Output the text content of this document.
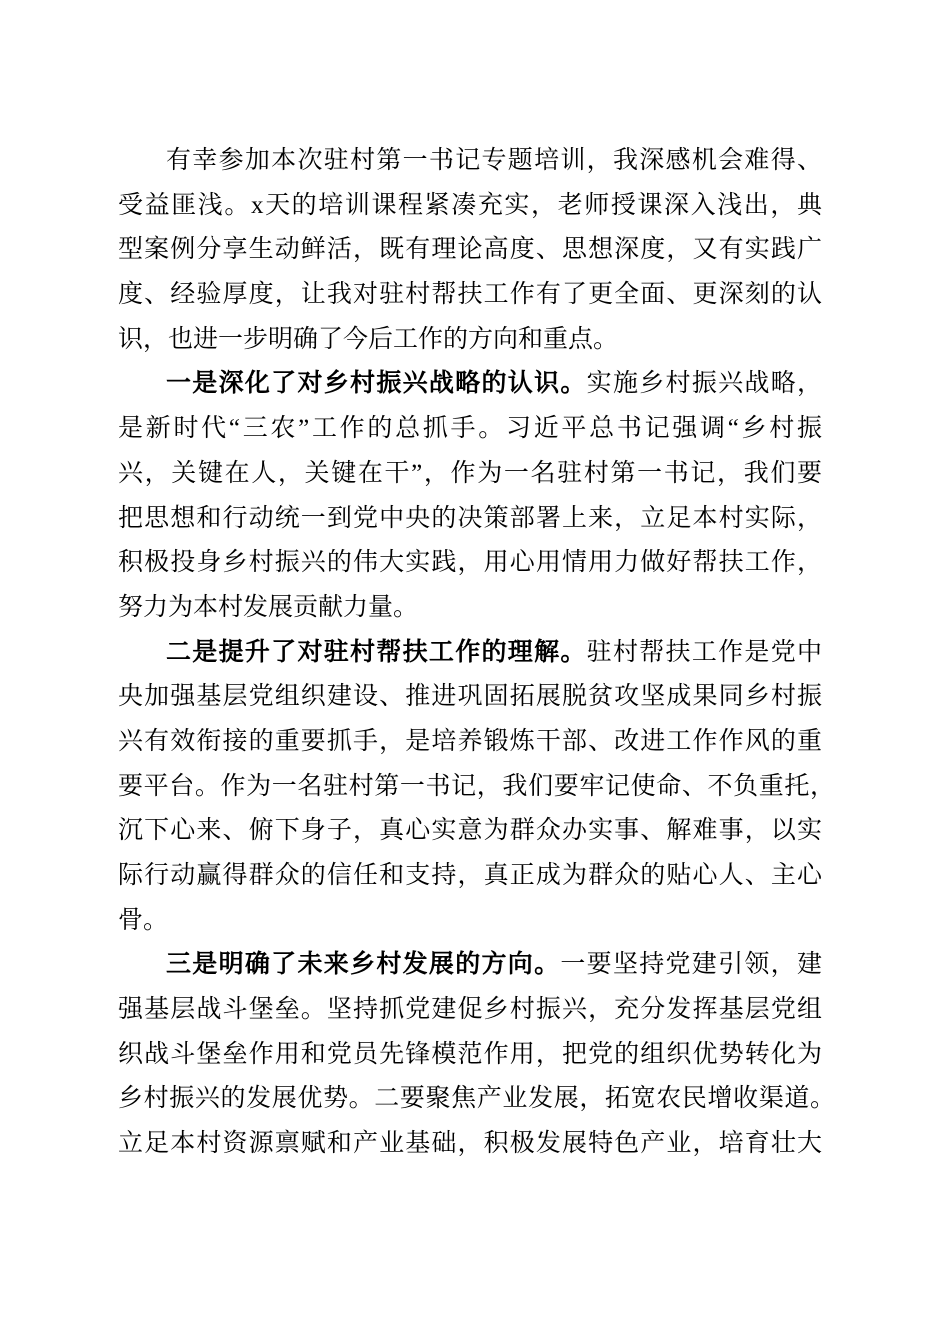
有幸参加本次驻村第一书记专题培训，我深感机会难得、
受益匪浅。x天的培训课程紧凑充实，老师授课深入浅出，典
型案例分享生动鲜活，既有理论高度、思想深度，又有实践广
度、经验厚度，让我对驻村帮扶工作有了更全面、更深刻的认
识，也进一步明确了今后工作的方向和重点。
一是深化了对乡村振兴战略的认识。实施乡村振兴战略，
是新时代“三农”工作的总抓手。习近平总书记强调“乡村振
兴，关键在人，关键在干”，作为一名驻村第一书记，我们要
把思想和行动统一到党中央的决策部署上来，立足本村实际，
积极投身乡村振兴的伟大实践，用心用情用力做好帮扶工作，
努力为本村发展贡献力量。
二是提升了对驻村帮扶工作的理解。驻村帮扶工作是党中
央加强基层党组织建设、推进巩固拓展脱贫攻坚成果同乡村振
兴有效衔接的重要抓手，是培养锻炼干部、改进工作作风的重
要平台。作为一名驻村第一书记，我们要牢记使命、不负重托，
沉下心来、俯下身子，真心实意为群众办实事、解难事，以实
际行动赢得群众的信任和支持，真正成为群众的贴心人、主心
骨。
三是明确了未来乡村发展的方向。一要坚持党建引领，建
强基层战斗堡垒。坚持抓党建促乡村振兴，充分发挥基层党组
织战斗堡垒作用和党员先锋模范作用，把党的组织优势转化为
乡村振兴的发展优势。二要聚焦产业发展，拓宽农民增收渠道。
立足本村资源禀赋和产业基础，积极发展特色产业，培育壮大
